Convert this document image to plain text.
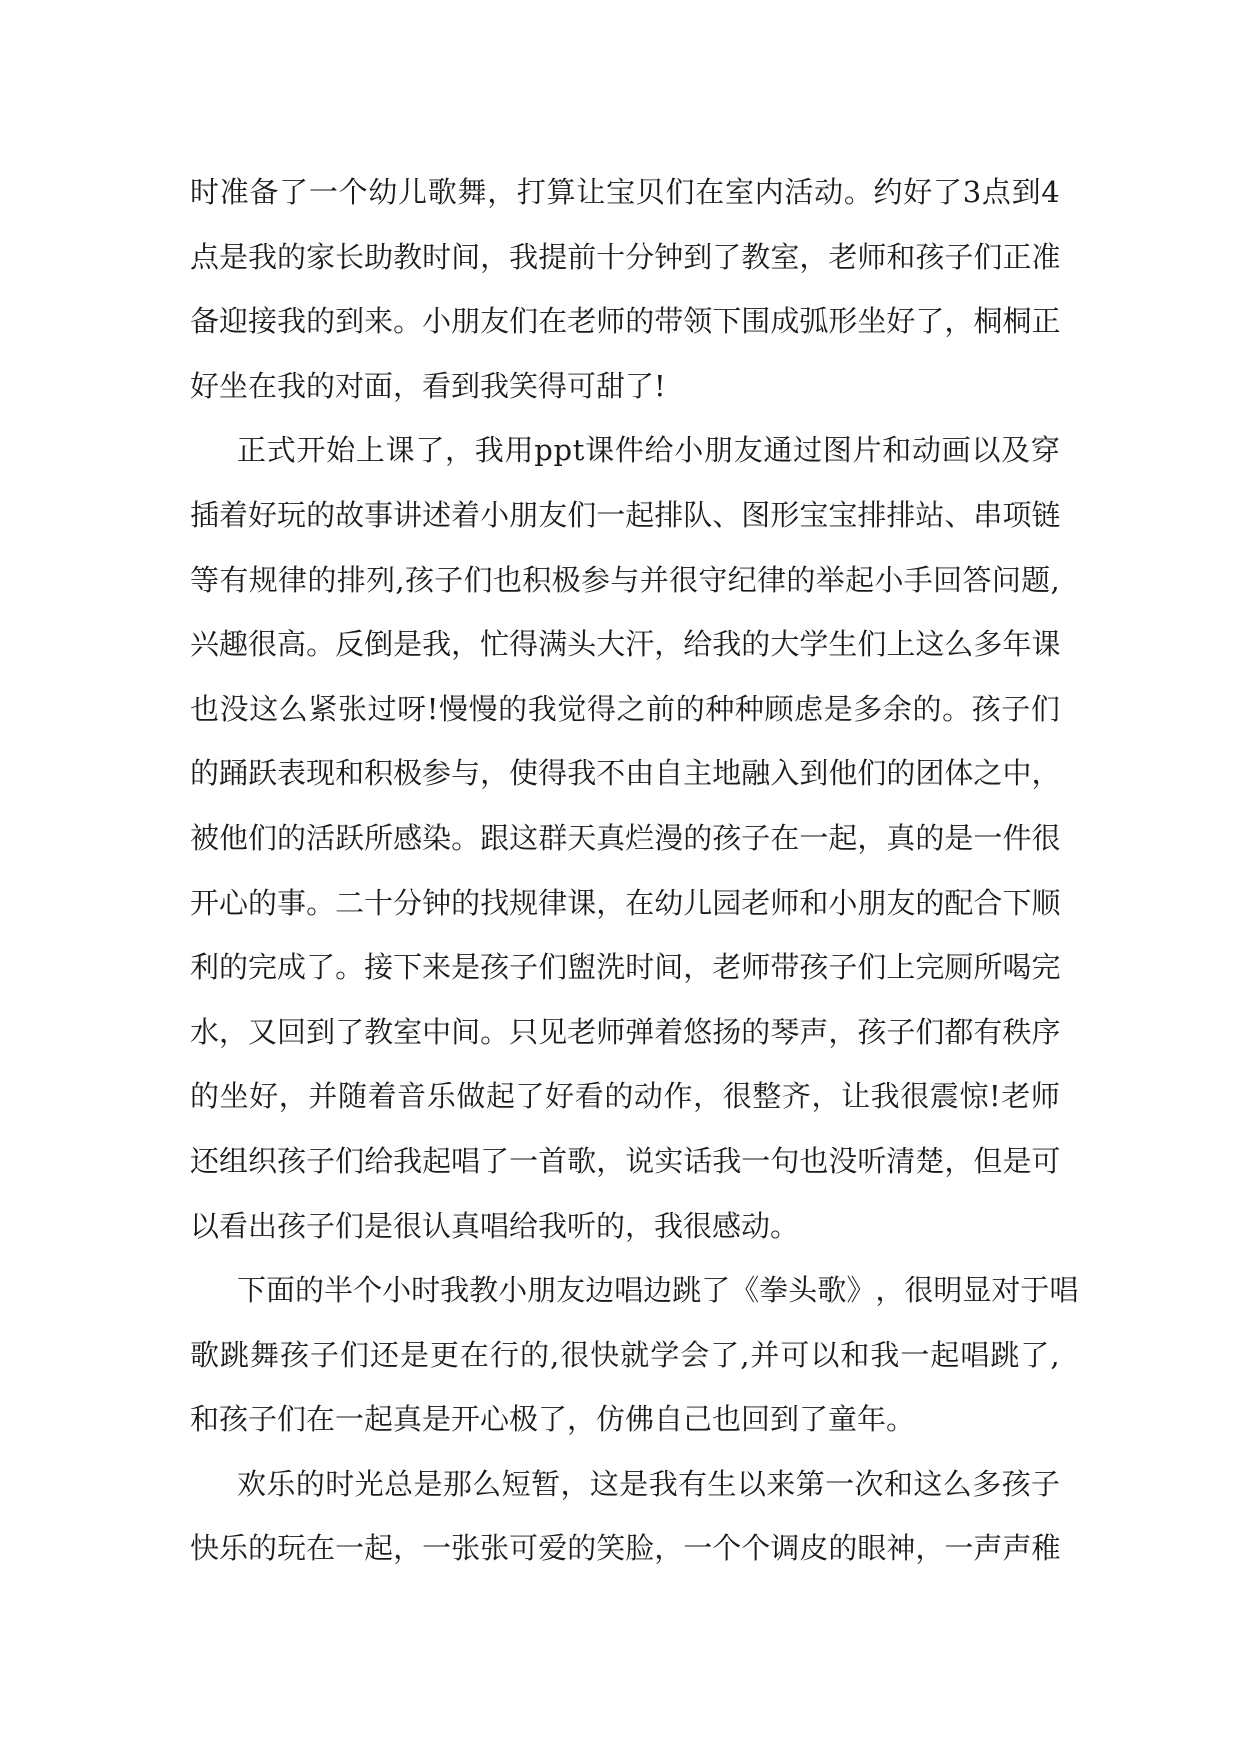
时 准 备 了 一 个 幼 儿 歌 舞 ， 打 算 让 宝 贝 们 在 室 内 活 动 。 约 好 了 3 点 到 4
点 是 我 的 家 长 助 教 时 间 ， 我 提 前 十 分 钟 到 了 教 室 ， 老 师 和 孩 子 们 正 准
备 迎 接 我 的 到 来 。 小 朋 友 们 在 老 师 的 带 领 下 围 成 弧 形 坐 好 了 ， 桐 桐 正
好坐在我的对面，看到我笑得可甜了!
正 式 开 始 上 课 了 ， 我 用 p p t 课 件 给 小 朋 友 通 过 图 片 和 动 画 以 及 穿
插 着 好 玩 的 故 事 讲 述 着 小 朋 友 们 一 起 排 队 、 图 形 宝 宝 排 排 站 、 串 项 链
等 有 规 律 的 排 列 , 孩 子 们 也 积 极 参 与 并 很 守 纪 律 的 举 起 小 手 回 答 问 题 ,
兴 趣 很 高 。 反 倒 是 我 ， 忙 得 满 头 大 汗 ， 给 我 的 大 学 生 们 上 这 么 多 年 课
也 没 这 么 紧 张 过 呀 ! 慢 慢 的 我 觉 得 之 前 的 种 种 顾 虑 是 多 余 的 。 孩 子 们
的 踊 跃 表 现 和 积 极 参 与 ， 使 得 我 不 由 自 主 地 融 入 到 他 们 的 团 体 之 中 ，
被 他 们 的 活 跃 所 感 染 。 跟 这 群 天 真 烂 漫 的 孩 子 在 一 起 ， 真 的 是 一 件 很
开 心 的 事 。 二 十 分 钟 的 找 规 律 课 ， 在 幼 儿 园 老 师 和 小 朋 友 的 配 合 下 顺
利 的 完 成 了 。 接 下 来 是 孩 子 们 盥 洗 时 间 ， 老 师 带 孩 子 们 上 完 厕 所 喝 完
水 ， 又 回 到 了 教 室 中 间 。 只 见 老 师 弹 着 悠 扬 的 琴 声 ， 孩 子 们 都 有 秩 序
的 坐 好 ， 并 随 着 音 乐 做 起 了 好 看 的 动 作 ， 很 整 齐 ， 让 我 很 震 惊 ! 老 师
还 组 织 孩 子 们 给 我 起 唱 了 一 首 歌 ， 说 实 话 我 一 句 也 没 听 清 楚 ， 但 是 可
以看出孩子们是很认真唱给我听的，我很感动。
下 面 的 半 个 小 时 我 教 小 朋 友 边 唱 边 跳 了 《 拳 头 歌 》 ， 很 明 显 对 于 唱
歌 跳 舞 孩 子 们 还 是 更 在 行 的 , 很 快 就 学 会 了 , 并 可 以 和 我 一 起 唱 跳 了 ,
和孩子们在一起真是开心极了，仿佛自己也回到了童年。
欢 乐 的 时 光 总 是 那 么 短 暂 ， 这 是 我 有 生 以 来 第 一 次 和 这 么 多 孩 子
快 乐 的 玩 在 一 起 ， 一 张 张 可 爱 的 笑 脸 ， 一 个 个 调 皮 的 眼 神 ， 一 声 声 稚
